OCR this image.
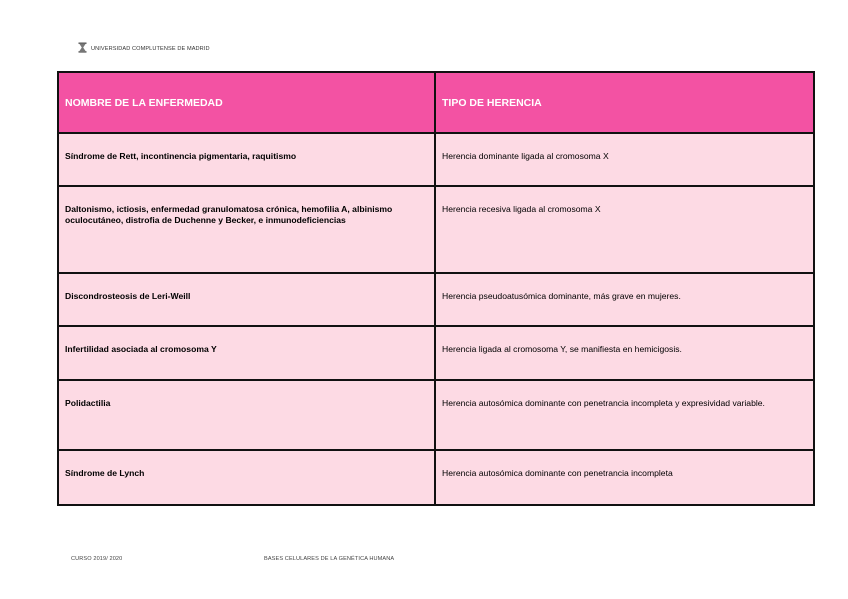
UNIVERSIDAD COMPLUTENSE DE MADRID
NOMBRE DE LA ENFERMEDAD	TIPO DE HERENCIA

Síndrome de Rett, incontinencia pigmentaria, raquitismo	Herencia dominante ligada al cromosoma X

Daltonismo, ictiosis, enfermedad granulomatosa crónica, hemofilia A, albinismo oculocutáneo, distrofia de Duchenne y Becker, e inmunodeficiencias	Herencia recesiva ligada al cromosoma X

Discondrosteosis de Leri-Weill	Herencia pseudoatusómica dominante, más grave en mujeres.

Infertilidad asociada al cromosoma Y	Herencia ligada al cromosoma Y, se manifiesta en hemicigosis.

Polidactilia	Herencia autosómica dominante con penetrancia incompleta y expresividad variable.

Síndrome de Lynch	Herencia autosómica dominante con penetrancia incompleta
CURSO 2019/ 2020	BASES CELULARES DE LA GENÉTICA HUMANA
